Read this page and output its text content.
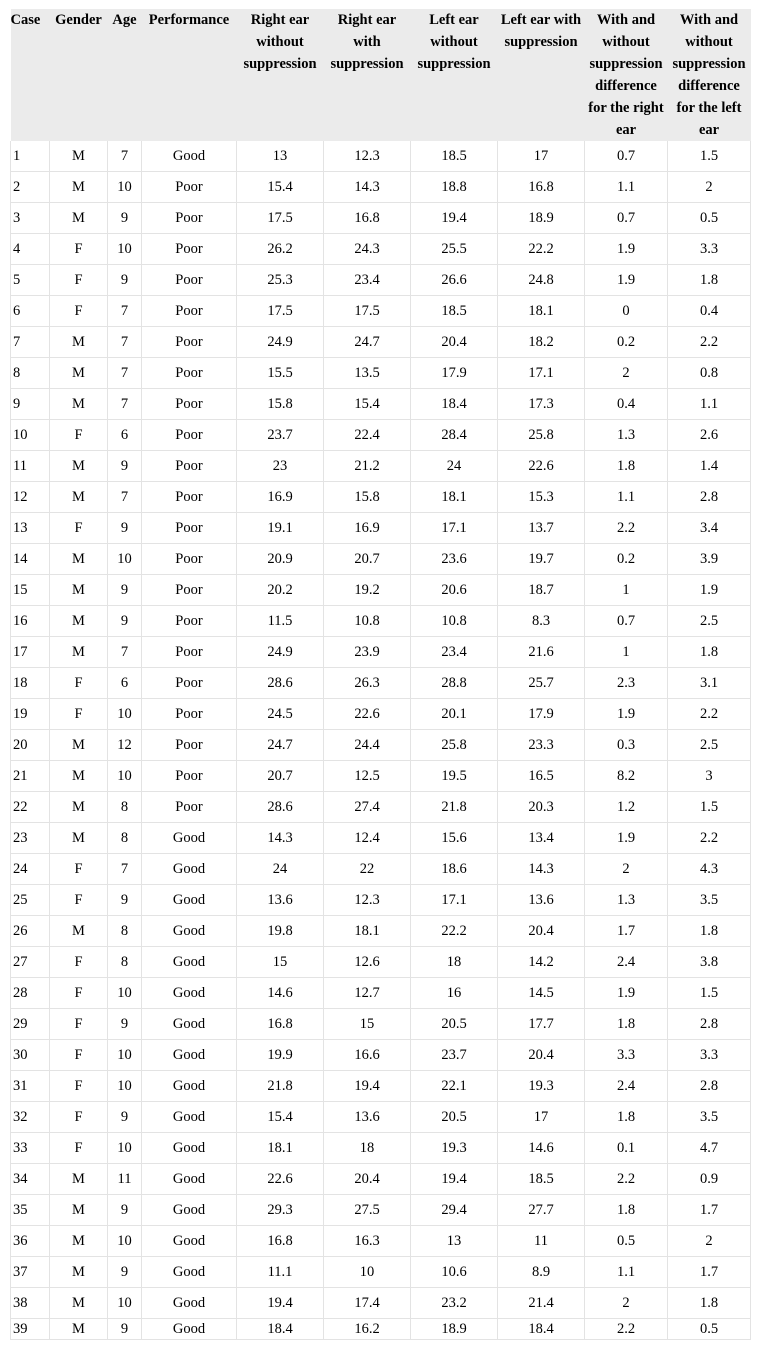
Case	Gender	Age	Performance	Right ear without suppression	Right ear with suppression	Left ear without suppression	Left ear with suppression	With and without suppression difference for the right ear	With and without suppression difference for the left ear
1	M	7	Good	13	12.3	18.5	17	0.7	1.5
2	M	10	Poor	15.4	14.3	18.8	16.8	1.1	2
3	M	9	Poor	17.5	16.8	19.4	18.9	0.7	0.5
4	F	10	Poor	26.2	24.3	25.5	22.2	1.9	3.3
5	F	9	Poor	25.3	23.4	26.6	24.8	1.9	1.8
6	F	7	Poor	17.5	17.5	18.5	18.1	0	0.4
7	M	7	Poor	24.9	24.7	20.4	18.2	0.2	2.2
8	M	7	Poor	15.5	13.5	17.9	17.1	2	0.8
9	M	7	Poor	15.8	15.4	18.4	17.3	0.4	1.1
10	F	6	Poor	23.7	22.4	28.4	25.8	1.3	2.6
11	M	9	Poor	23	21.2	24	22.6	1.8	1.4
12	M	7	Poor	16.9	15.8	18.1	15.3	1.1	2.8
13	F	9	Poor	19.1	16.9	17.1	13.7	2.2	3.4
14	M	10	Poor	20.9	20.7	23.6	19.7	0.2	3.9
15	M	9	Poor	20.2	19.2	20.6	18.7	1	1.9
16	M	9	Poor	11.5	10.8	10.8	8.3	0.7	2.5
17	M	7	Poor	24.9	23.9	23.4	21.6	1	1.8
18	F	6	Poor	28.6	26.3	28.8	25.7	2.3	3.1
19	F	10	Poor	24.5	22.6	20.1	17.9	1.9	2.2
20	M	12	Poor	24.7	24.4	25.8	23.3	0.3	2.5
21	M	10	Poor	20.7	12.5	19.5	16.5	8.2	3
22	M	8	Poor	28.6	27.4	21.8	20.3	1.2	1.5
23	M	8	Good	14.3	12.4	15.6	13.4	1.9	2.2
24	F	7	Good	24	22	18.6	14.3	2	4.3
25	F	9	Good	13.6	12.3	17.1	13.6	1.3	3.5
26	M	8	Good	19.8	18.1	22.2	20.4	1.7	1.8
27	F	8	Good	15	12.6	18	14.2	2.4	3.8
28	F	10	Good	14.6	12.7	16	14.5	1.9	1.5
29	F	9	Good	16.8	15	20.5	17.7	1.8	2.8
30	F	10	Good	19.9	16.6	23.7	20.4	3.3	3.3
31	F	10	Good	21.8	19.4	22.1	19.3	2.4	2.8
32	F	9	Good	15.4	13.6	20.5	17	1.8	3.5
33	F	10	Good	18.1	18	19.3	14.6	0.1	4.7
34	M	11	Good	22.6	20.4	19.4	18.5	2.2	0.9
35	M	9	Good	29.3	27.5	29.4	27.7	1.8	1.7
36	M	10	Good	16.8	16.3	13	11	0.5	2
37	M	9	Good	11.1	10	10.6	8.9	1.1	1.7
38	M	10	Good	19.4	17.4	23.2	21.4	2	1.8
39	M	9	Good	18.4	16.2	18.9	18.4	2.2	0.5
